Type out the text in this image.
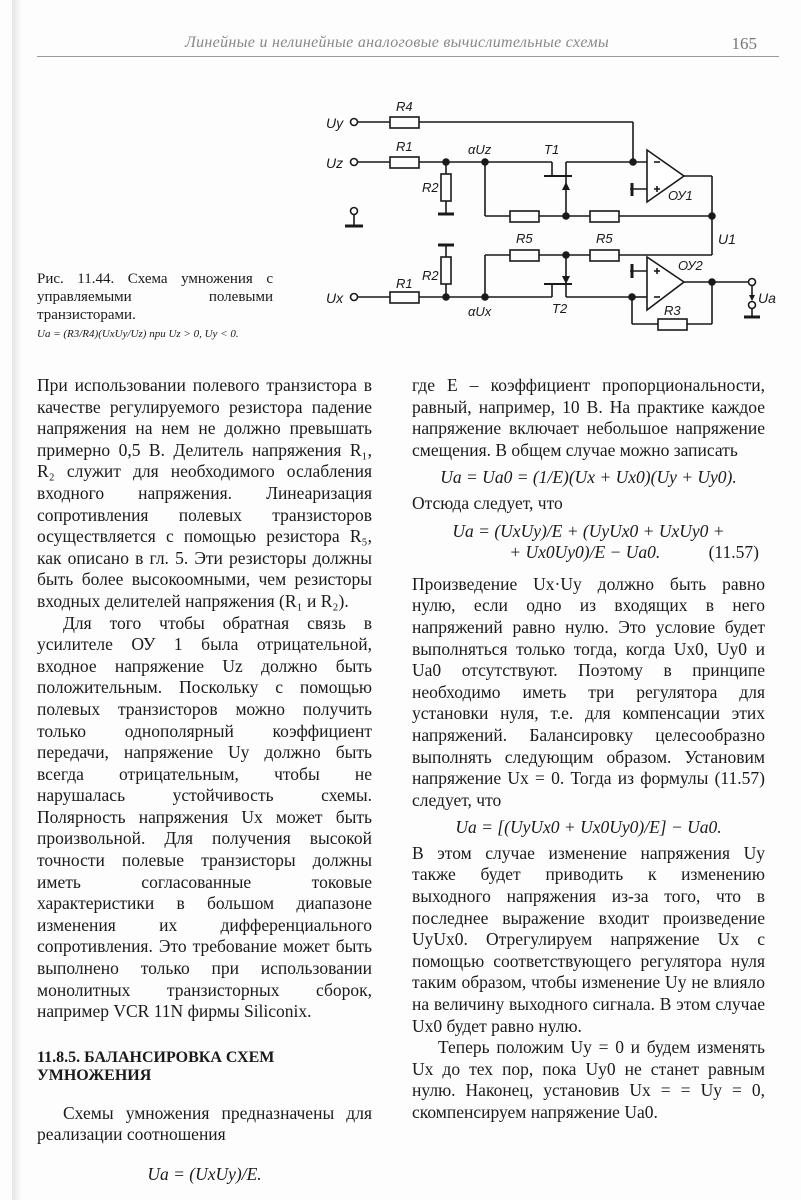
Линейные и нелинейные аналоговые вычислительные схемы	165
Uy
Uz
Ux	Ua
U1
R4
R1
R2
R1
R2
R5	R5
R3
T1
T2
αUz
αUx
ОУ1
ОУ2
Рис. 11.44. Схема умножения с управляемыми полевыми транзисторами.
Ua = (R3/R4)(UxUy/Uz) при Uz > 0, Uy < 0.

При использовании полевого транзистора в качестве регулируемого резистора падение напряжения на нем не должно превышать примерно 0,5 В. Делитель напряжения R₁, R₂ служит для необходимого ослабления входного напряжения. Линеаризация сопротивления полевых транзисторов осуществляется с помощью резистора R₅, как описано в гл. 5. Эти резисторы должны быть более высокоомными, чем резисторы входных делителей напряжения (R₁ и R₂).

Для того чтобы обратная связь в усилителе ОУ 1 была отрицательной, входное напряжение Uz должно быть положительным. Поскольку с помощью полевых транзисторов можно получить только однополярный коэффициент передачи, напряжение Uy должно быть всегда отрицательным, чтобы не нарушалась устойчивость схемы. Полярность напряжения Ux может быть произвольной. Для получения высокой точности полевые транзисторы должны иметь согласованные токовые характеристики в большом диапазоне изменения их дифференциального сопротивления. Это требование может быть выполнено только при использовании монолитных транзисторных сборок, например VCR 11N фирмы Siliconix.

11.8.5. БАЛАНСИРОВКА СХЕМ УМНОЖЕНИЯ

Схемы умножения предназначены для реализации соотношения

Ua = (UxUy)/E.

где E – коэффициент пропорциональности, равный, например, 10 В. На практике каждое напряжение включает небольшое напряжение смещения. В общем случае можно записать

Ua = Ua0 = (1/E)(Ux + Ux0)(Uy + Uy0).

Отсюда следует, что

Ua = (UxUy)/E + (UyUx0 + UxUy0 +
+ Ux0Uy0)/E − Ua0.	(11.57)

Произведение Ux·Uy должно быть равно нулю, если одно из входящих в него напряжений равно нулю. Это условие будет выполняться только тогда, когда Ux0, Uy0 и Ua0 отсутствуют. Поэтому в принципе необходимо иметь три регулятора для установки нуля, т.е. для компенсации этих напряжений. Балансировку целесообразно выполнять следующим образом. Установим напряжение Ux = 0. Тогда из формулы (11.57) следует, что

Ua = [(UyUx0 + Ux0Uy0)/E] − Ua0.

В этом случае изменение напряжения Uy также будет приводить к изменению выходного напряжения из-за того, что в последнее выражение входит произведение UyUx0. Отрегулируем напряжение Ux с помощью соответствующего регулятора нуля таким образом, чтобы изменение Uy не влияло на величину выходного сигнала. В этом случае Ux0 будет равно нулю.

Теперь положим Uy = 0 и будем изменять Ux до тех пор, пока Uy0 не станет равным нулю. Наконец, установив Ux = = Uy = 0, скомпенсируем напряжение Ua0.
